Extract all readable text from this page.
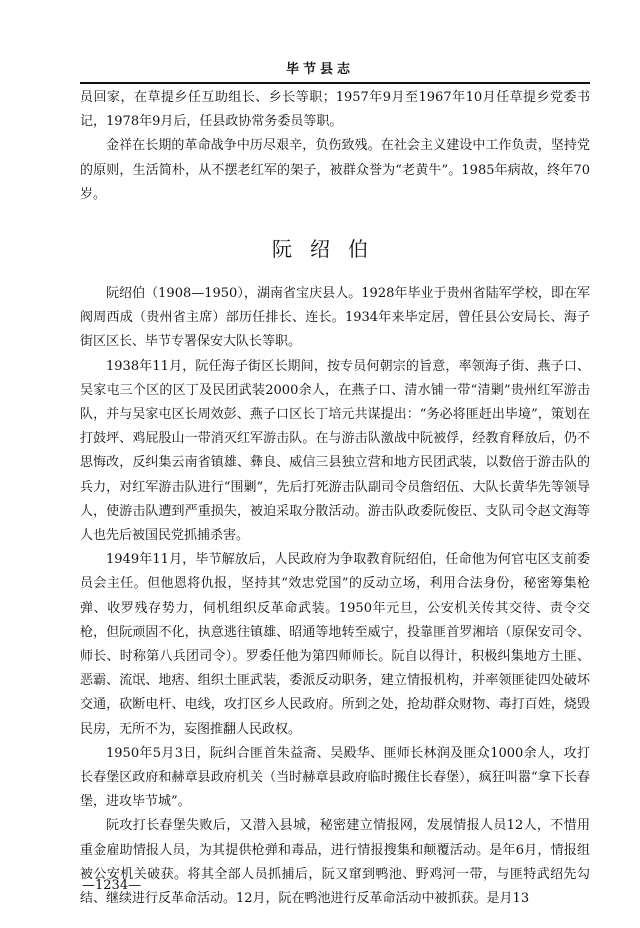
毕节县志

员回家，在草提乡任互助组长、乡长等职；1957年9月至1967年10月任草提乡党委书记，1978年9月后，任县政协常务委员等职。

金祥在长期的革命战争中历尽艰辛，负伤致残。在社会主义建设中工作负责，坚持党的原则，生活简朴，从不摆老红军的架子，被群众誉为“老黄牛”。1985年病故，终年70岁。

阮绍伯

阮绍伯（1908—1950），湖南省宝庆县人。1928年毕业于贵州省陆军学校，即在军阀周西成（贵州省主席）部历任排长、连长。1934年来毕定居，曾任县公安局长、海子街区区长、毕节专署保安大队长等职。

1938年11月，阮任海子街区长期间，按专员何朝宗的旨意，率领海子街、燕子口、吴家屯三个区的区丁及民团武装2000余人，在燕子口、清水铺一带“清剿”贵州红军游击队，并与吴家屯区长周效彭、燕子口区长丁培元共谋提出：“务必将匪赶出毕境”，策划在打鼓坪、鸡屁股山一带消灭红军游击队。在与游击队激战中阮被俘，经教育释放后，仍不思悔改，反纠集云南省镇雄、彝良、威信三县独立营和地方民团武装，以数倍于游击队的兵力，对红军游击队进行“围剿”，先后打死游击队副司令员詹绍伍、大队长黄华先等领导人，使游击队遭到严重损失，被迫采取分散活动。游击队政委阮俊臣、支队司令赵文海等人也先后被国民党抓捕杀害。

1949年11月，毕节解放后，人民政府为争取教育阮绍伯，任命他为何官屯区支前委员会主任。但他恩将仇报，坚持其“效忠党国”的反动立场，利用合法身份，秘密筹集枪弹、收罗残存势力，伺机组织反革命武装。1950年元旦，公安机关传其交待、责令交枪，但阮顽固不化，执意逃往镇雄、昭通等地转至威宁，投靠匪首罗湘培（原保安司令、师长、时称第八兵团司令）。罗委任他为第四师师长。阮自以得计，积极纠集地方土匪、恶霸、流氓、地痞、组织土匪武装，委派反动职务，建立情报机构，并率领匪徒四处破坏交通，砍断电杆、电线，攻打区乡人民政府。所到之处，抢劫群众财物、毒打百姓，烧毁民房，无所不为，妄图推翻人民政权。

1950年5月3日，阮纠合匪首朱益斋、吴殿华、匪师长林润及匪众1000余人，攻打长春堡区政府和赫章县政府机关（当时赫章县政府临时搬住长春堡），疯狂叫嚣“拿下长春堡，进攻毕节城”。

阮攻打长春堡失败后，又潜入县城，秘密建立情报网，发展情报人员12人，不惜用重金雇助情报人员，为其提供枪弹和毒品，进行情报搜集和颠覆活动。是年6月，情报组被公安机关破获。将其全部人员抓捕后，阮又窜到鸭池、野鸡河一带，与匪特武绍先勾结、继续进行反革命活动。12月，阮在鸭池进行反革命活动中被抓获。是月13

—1234—
